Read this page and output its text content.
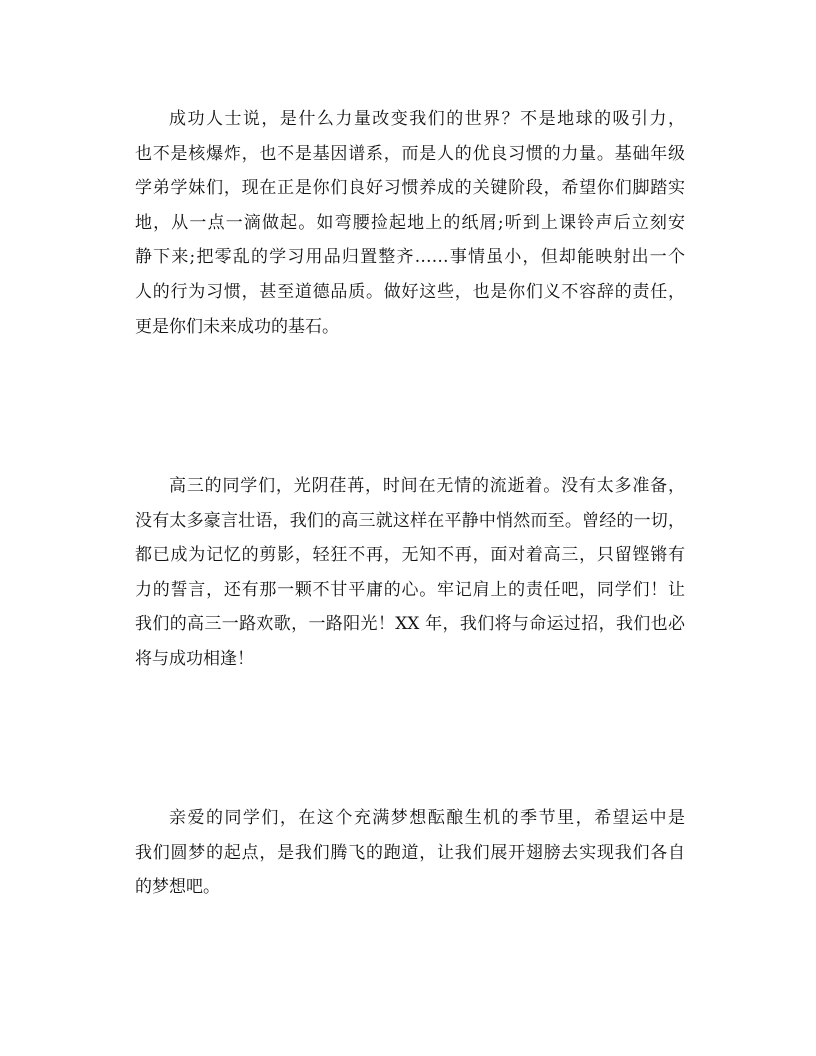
成功人士说，是什么力量改变我们的世界？不是地球的吸引力，
也不是核爆炸，也不是基因谱系，而是人的优良习惯的力量。基础年级
学弟学妹们，现在正是你们良好习惯养成的关键阶段，希望你们脚踏实
地，从一点一滴做起。如弯腰捡起地上的纸屑;听到上课铃声后立刻安
静下来;把零乱的学习用品归置整齐……事情虽小，但却能映射出一个
人的行为习惯，甚至道德品质。做好这些，也是你们义不容辞的责任，
更是你们未来成功的基石。
高三的同学们，光阴荏苒，时间在无情的流逝着。没有太多准备，
没有太多豪言壮语，我们的高三就这样在平静中悄然而至。曾经的一切，
都已成为记忆的剪影，轻狂不再，无知不再，面对着高三，只留铿锵有
力的誓言，还有那一颗不甘平庸的心。牢记肩上的责任吧，同学们！让
我们的高三一路欢歌，一路阳光！XX 年，我们将与命运过招，我们也必
将与成功相逢！
亲爱的同学们，在这个充满梦想酝酿生机的季节里，希望运中是
我们圆梦的起点，是我们腾飞的跑道，让我们展开翅膀去实现我们各自
的梦想吧。
